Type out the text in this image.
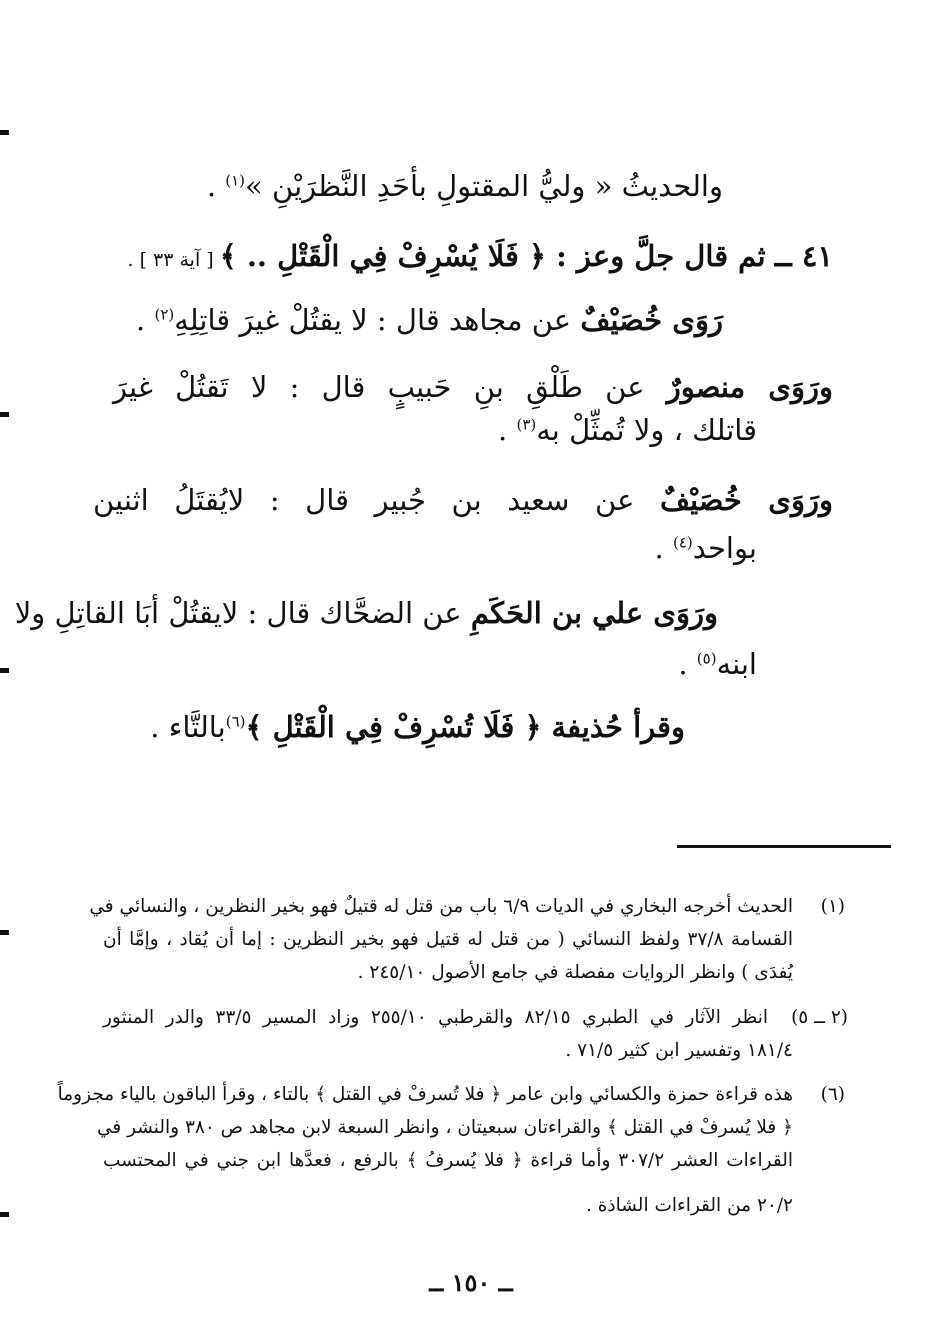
والحديثُ « وليُّ المقتولِ بأحَدِ النَّظرَيْنِ »$^{(١)}$ .
٤١ ــ ثم قال جلَّ وعز : ﴿ فَلَا يُسْرِفْ فِي الْقَتْلِ .. ﴾ [ آية ٣٣ ] .
رَوَى خُصَيْفٌ عن مجاهد قال : لا يقتُلْ غيرَ قاتِلِهِ$^{(٢)}$ .
ورَوَى منصورٌ عن طَلْقِ بنِ حَبيبٍ قال : لا تَقتُلْ غيرَ
قاتلك ، ولا تُمثِّلْ به$^{(٣)}$ .
ورَوَى خُصَيْفٌ عن سعيد بن جُبير قال : لايُقتَلُ اثنين
بواحد$^{(٤)}$ .
ورَوَى علي بن الحَكَمِ عن الضحَّاك قال : لايقتُلْ أبَا القاتِلِ ولا
ابنه$^{(٥)}$ .
وقرأ حُذيفة ﴿ فَلَا تُسْرِفْ فِي الْقَتْلِ ﴾$^{(٦)}$بالتَّاء .
(١)
الحديث أخرجه البخاري في الديات ٦/٩ باب من قتل له قتيلٌ فهو بخير النظرين ، والنسائي في
القسامة ٣٧/٨ ولفظ النسائي ( من قتل له قتيل فهو بخير النظرين : إما أن يُقاد ، وإمَّا أن
يُفدَى ) وانظر الروايات مفصلة في جامع الأصول ٢٤٥/١٠ .
(٢ ــ ٥)
انظر الآثار في الطبري ٨٢/١٥ والقرطبي ٢٥٥/١٠ وزاد المسير ٣٣/٥ والدر المنثور
١٨١/٤ وتفسير ابن كثير ٧١/٥ .
(٦)
هذه قراءة حمزة والكسائي وابن عامر ﴿ فلا تُسرفْ في القتل ﴾ بالتاء ، وقرأ الباقون بالياء مجزوماً
﴿ فلا يُسرفْ في القتل ﴾ والقراءتان سبعيتان ، وانظر السبعة لابن مجاهد ص ٣٨٠ والنشر في
القراءات العشر ٣٠٧/٢ وأما قراءة ﴿ فلا يُسرفُ ﴾ بالرفع ، فعدَّها ابن جني في المحتسب
٢٠/٢ من القراءات الشاذة .
ــ ١٥٠ ــ
